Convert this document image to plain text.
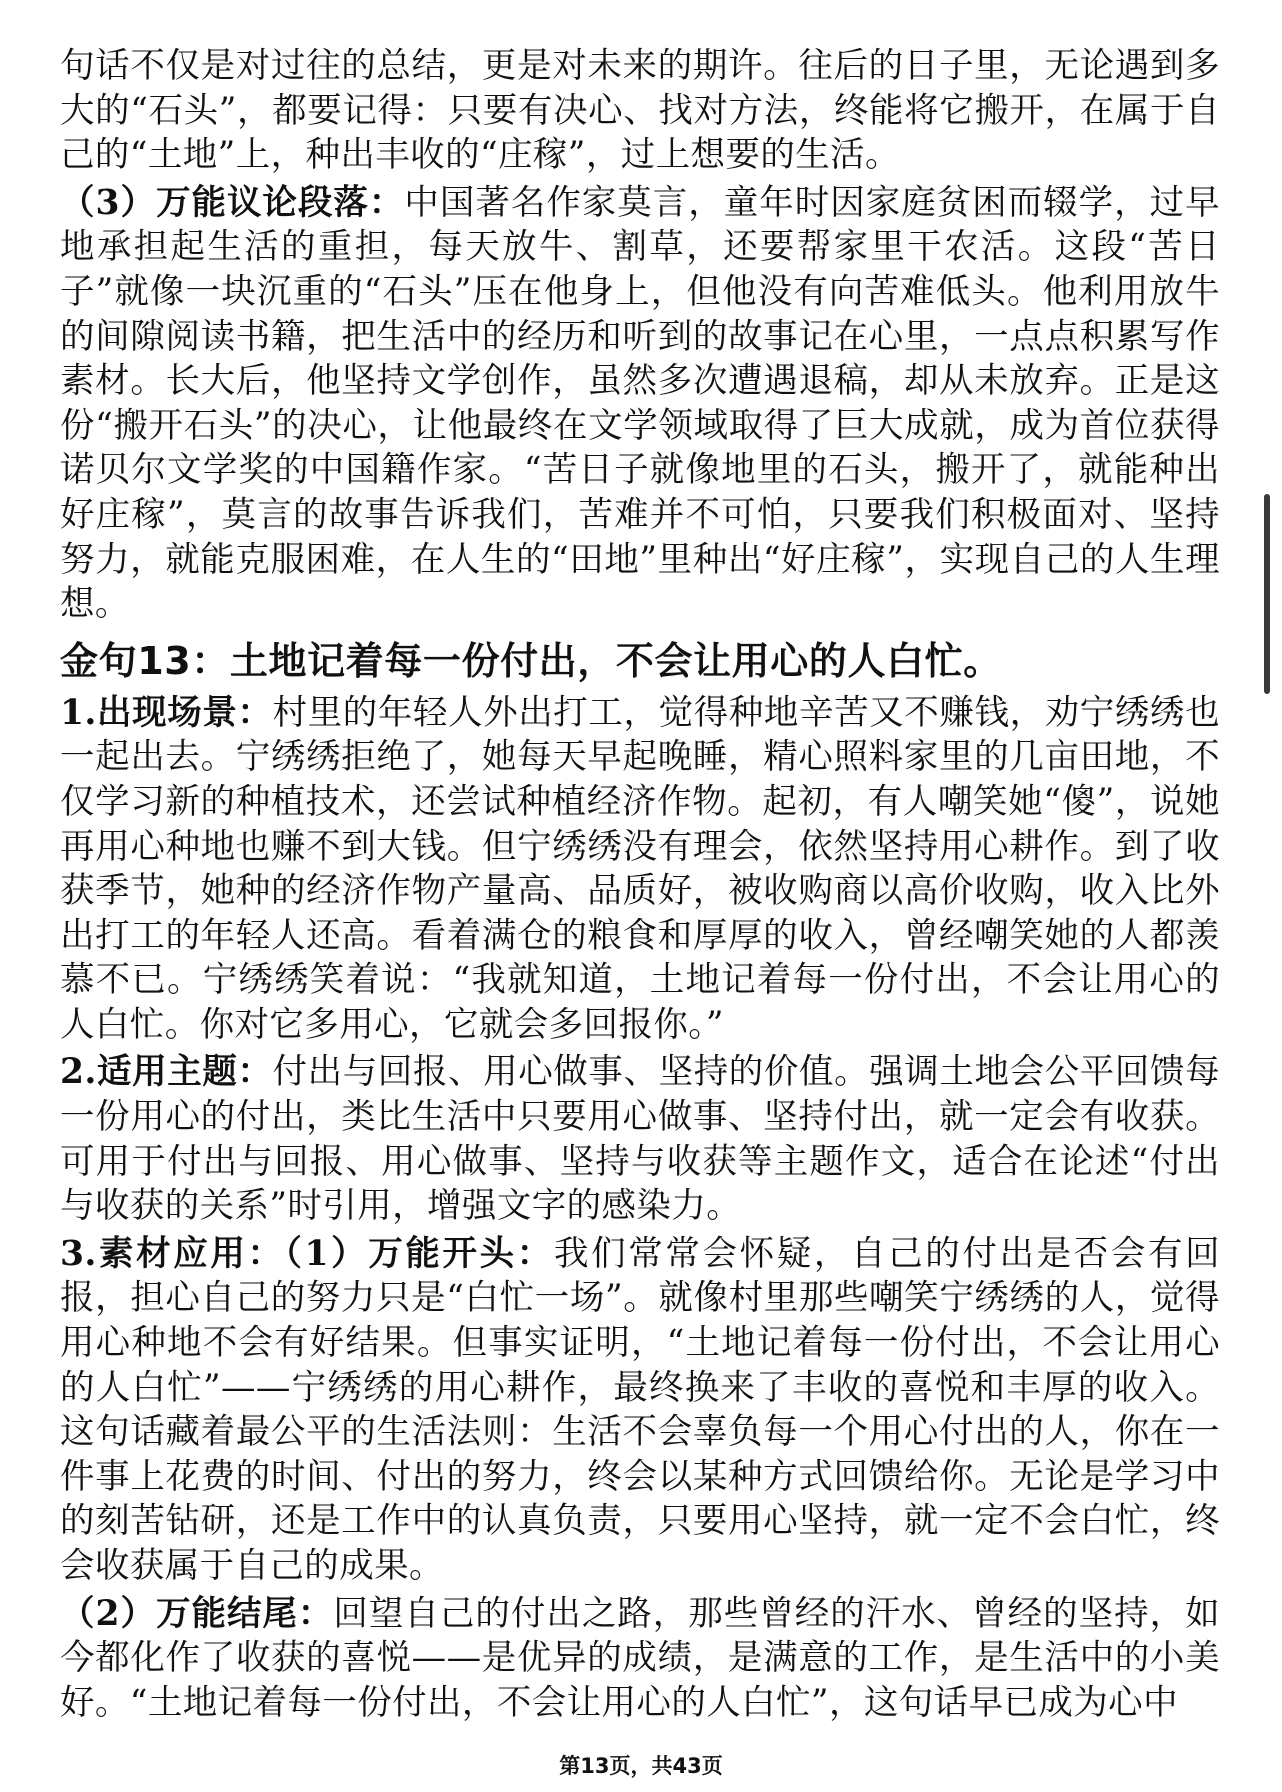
句话不仅是对过往的总结，更是对未来的期许。往后的日子里，无论遇到多大的“石头”，都要记得：只要有决心、找对方法，终能将它搬开，在属于自己的“土地”上，种出丰收的“庄稼”，过上想要的生活。

（3）万能议论段落：中国著名作家莫言，童年时因家庭贫困而辍学，过早地承担起生活的重担，每天放牛、割草，还要帮家里干农活。这段“苦日子”就像一块沉重的“石头”压在他身上，但他没有向苦难低头。他利用放牛的间隙阅读书籍，把生活中的经历和听到的故事记在心里，一点点积累写作素材。长大后，他坚持文学创作，虽然多次遭遇退稿，却从未放弃。正是这份“搬开石头”的决心，让他最终在文学领域取得了巨大成就，成为首位获得诺贝尔文学奖的中国籍作家。“苦日子就像地里的石头，搬开了，就能种出好庄稼”，莫言的故事告诉我们，苦难并不可怕，只要我们积极面对、坚持努力，就能克服困难，在人生的“田地”里种出“好庄稼”，实现自己的人生理想。

金句13：土地记着每一份付出，不会让用心的人白忙。

1.出现场景：村里的年轻人外出打工，觉得种地辛苦又不赚钱，劝宁绣绣也一起出去。宁绣绣拒绝了，她每天早起晚睡，精心照料家里的几亩田地，不仅学习新的种植技术，还尝试种植经济作物。起初，有人嘲笑她“傻”，说她再用心种地也赚不到大钱。但宁绣绣没有理会，依然坚持用心耕作。到了收获季节，她种的经济作物产量高、品质好，被收购商以高价收购，收入比外出打工的年轻人还高。看着满仓的粮食和厚厚的收入，曾经嘲笑她的人都羡慕不已。宁绣绣笑着说：“我就知道，土地记着每一份付出，不会让用心的人白忙。你对它多用心，它就会多回报你。”

2.适用主题：付出与回报、用心做事、坚持的价值。强调土地会公平回馈每一份用心的付出，类比生活中只要用心做事、坚持付出，就一定会有收获。可用于付出与回报、用心做事、坚持与收获等主题作文，适合在论述“付出与收获的关系”时引用，增强文字的感染力。

3.素材应用：（1）万能开头：我们常常会怀疑，自己的付出是否会有回报，担心自己的努力只是“白忙一场”。就像村里那些嘲笑宁绣绣的人，觉得用心种地不会有好结果。但事实证明，“土地记着每一份付出，不会让用心的人白忙”——宁绣绣的用心耕作，最终换来了丰收的喜悦和丰厚的收入。这句话藏着最公平的生活法则：生活不会辜负每一个用心付出的人，你在一件事上花费的时间、付出的努力，终会以某种方式回馈给你。无论是学习中的刻苦钻研，还是工作中的认真负责，只要用心坚持，就一定不会白忙，终会收获属于自己的成果。

（2）万能结尾：回望自己的付出之路，那些曾经的汗水、曾经的坚持，如今都化作了收获的喜悦——是优异的成绩，是满意的工作，是生活中的小美好。“土地记着每一份付出，不会让用心的人白忙”，这句话早已成为心中

第13页，共43页
